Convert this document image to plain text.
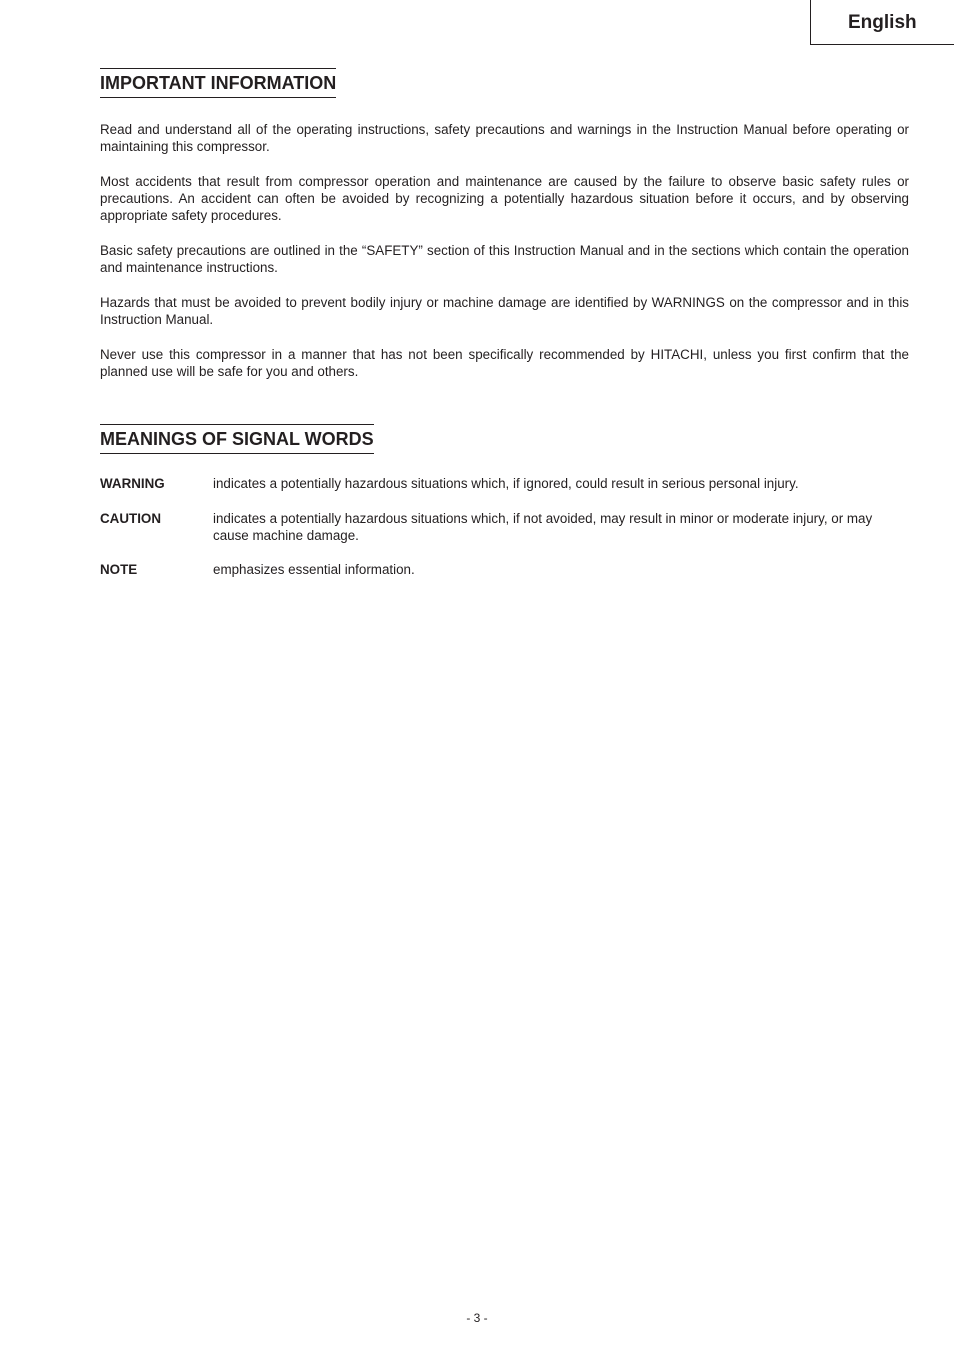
English
IMPORTANT INFORMATION

Read and understand all of the operating instructions, safety precautions and warnings in the Instruction Manual before operating or maintaining this compressor.

Most accidents that result from compressor operation and maintenance are caused by the failure to observe basic safety rules or precautions. An accident can often be avoided by recognizing a potentially hazardous situation before it occurs, and by observing appropriate safety procedures.

Basic safety precautions are outlined in the “SAFETY” section of this Instruction Manual and in the sections which contain the operation and maintenance instructions.

Hazards that must be avoided to prevent bodily injury or machine damage are identified by WARNINGS on the compressor and in this Instruction Manual.

Never use this compressor in a manner that has not been specifically recommended by HITACHI, unless you first confirm that the planned use will be safe for you and others.

MEANINGS OF SIGNAL WORDS
WARNING	indicates a potentially hazardous situations which, if ignored, could result in serious personal injury.

CAUTION	indicates a potentially hazardous situations which, if not avoided, may result in minor or moderate injury, or may cause machine damage.

NOTE	emphasizes essential information.

- 3 -
